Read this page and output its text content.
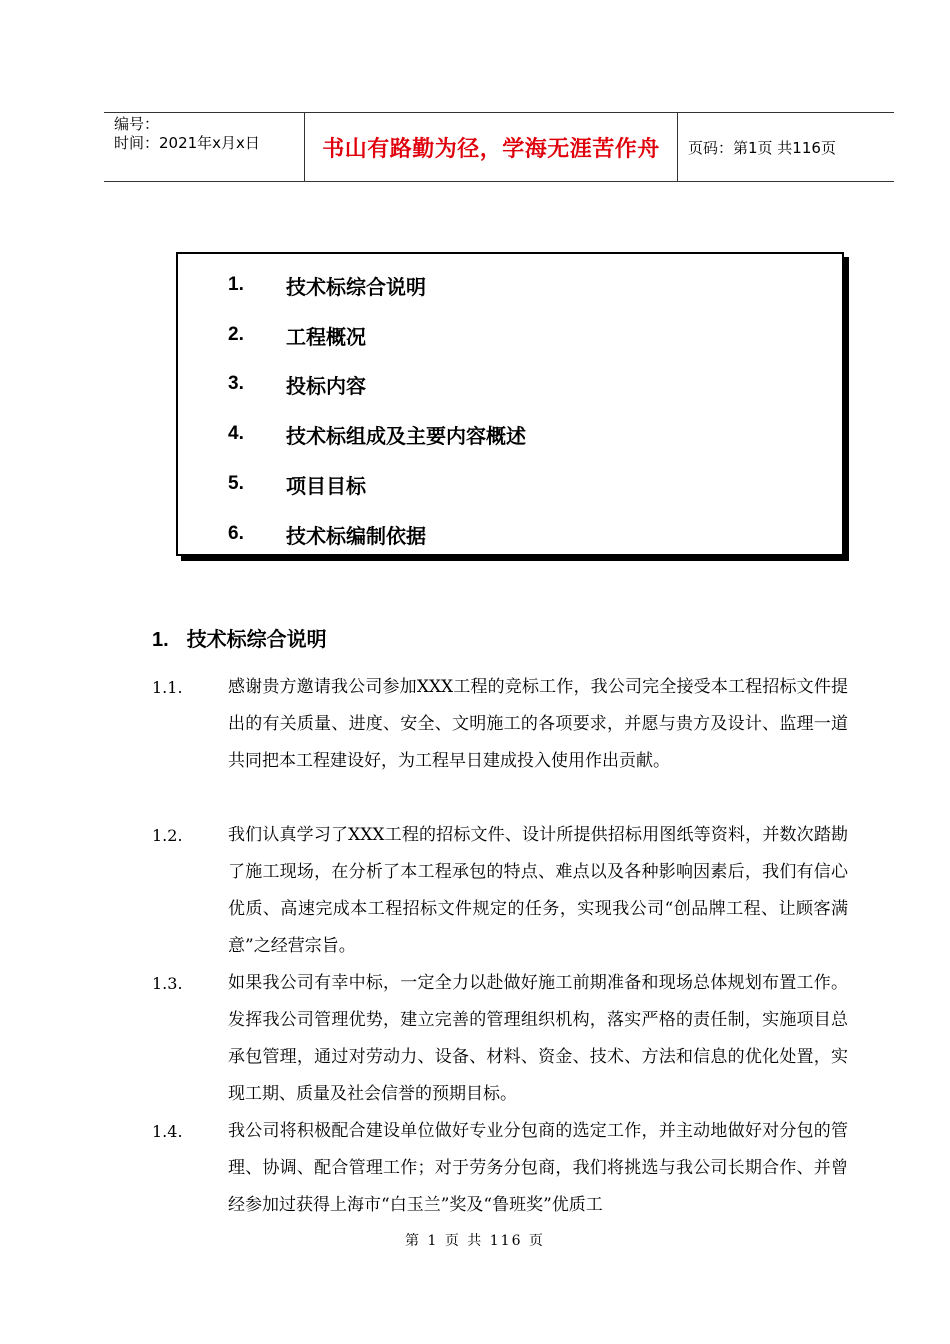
编号：
时间：2021年x月x日	书山有路勤为径，学海无涯苦作舟	页码：第1页 共116页
1. 技术标综合说明
2. 工程概况
3. 投标内容
4. 技术标组成及主要内容概述
5. 项目目标
6. 技术标编制依据
1. 技术标综合说明
1.1.	感谢贵方邀请我公司参加XXX工程的竞标工作，我公司完全接受本工程招标文件提出的有关质量、进度、安全、文明施工的各项要求，并愿与贵方及设计、监理一道共同把本工程建设好，为工程早日建成投入使用作出贡献。
1.2.	我们认真学习了XXX工程的招标文件、设计所提供招标用图纸等资料，并数次踏勘了施工现场，在分析了本工程承包的特点、难点以及各种影响因素后，我们有信心优质、高速完成本工程招标文件规定的任务，实现我公司“创品牌工程、让顾客满意”之经营宗旨。
1.3.	如果我公司有幸中标，一定全力以赴做好施工前期准备和现场总体规划布置工作。发挥我公司管理优势，建立完善的管理组织机构，落实严格的责任制，实施项目总承包管理，通过对劳动力、设备、材料、资金、技术、方法和信息的优化处置，实现工期、质量及社会信誉的预期目标。
1.4.	我公司将积极配合建设单位做好专业分包商的选定工作，并主动地做好对分包的管理、协调、配合管理工作；对于劳务分包商，我们将挑选与我公司长期合作、并曾经参加过获得上海市“白玉兰”奖及“鲁班奖”优质工
第 1 页 共 116 页
